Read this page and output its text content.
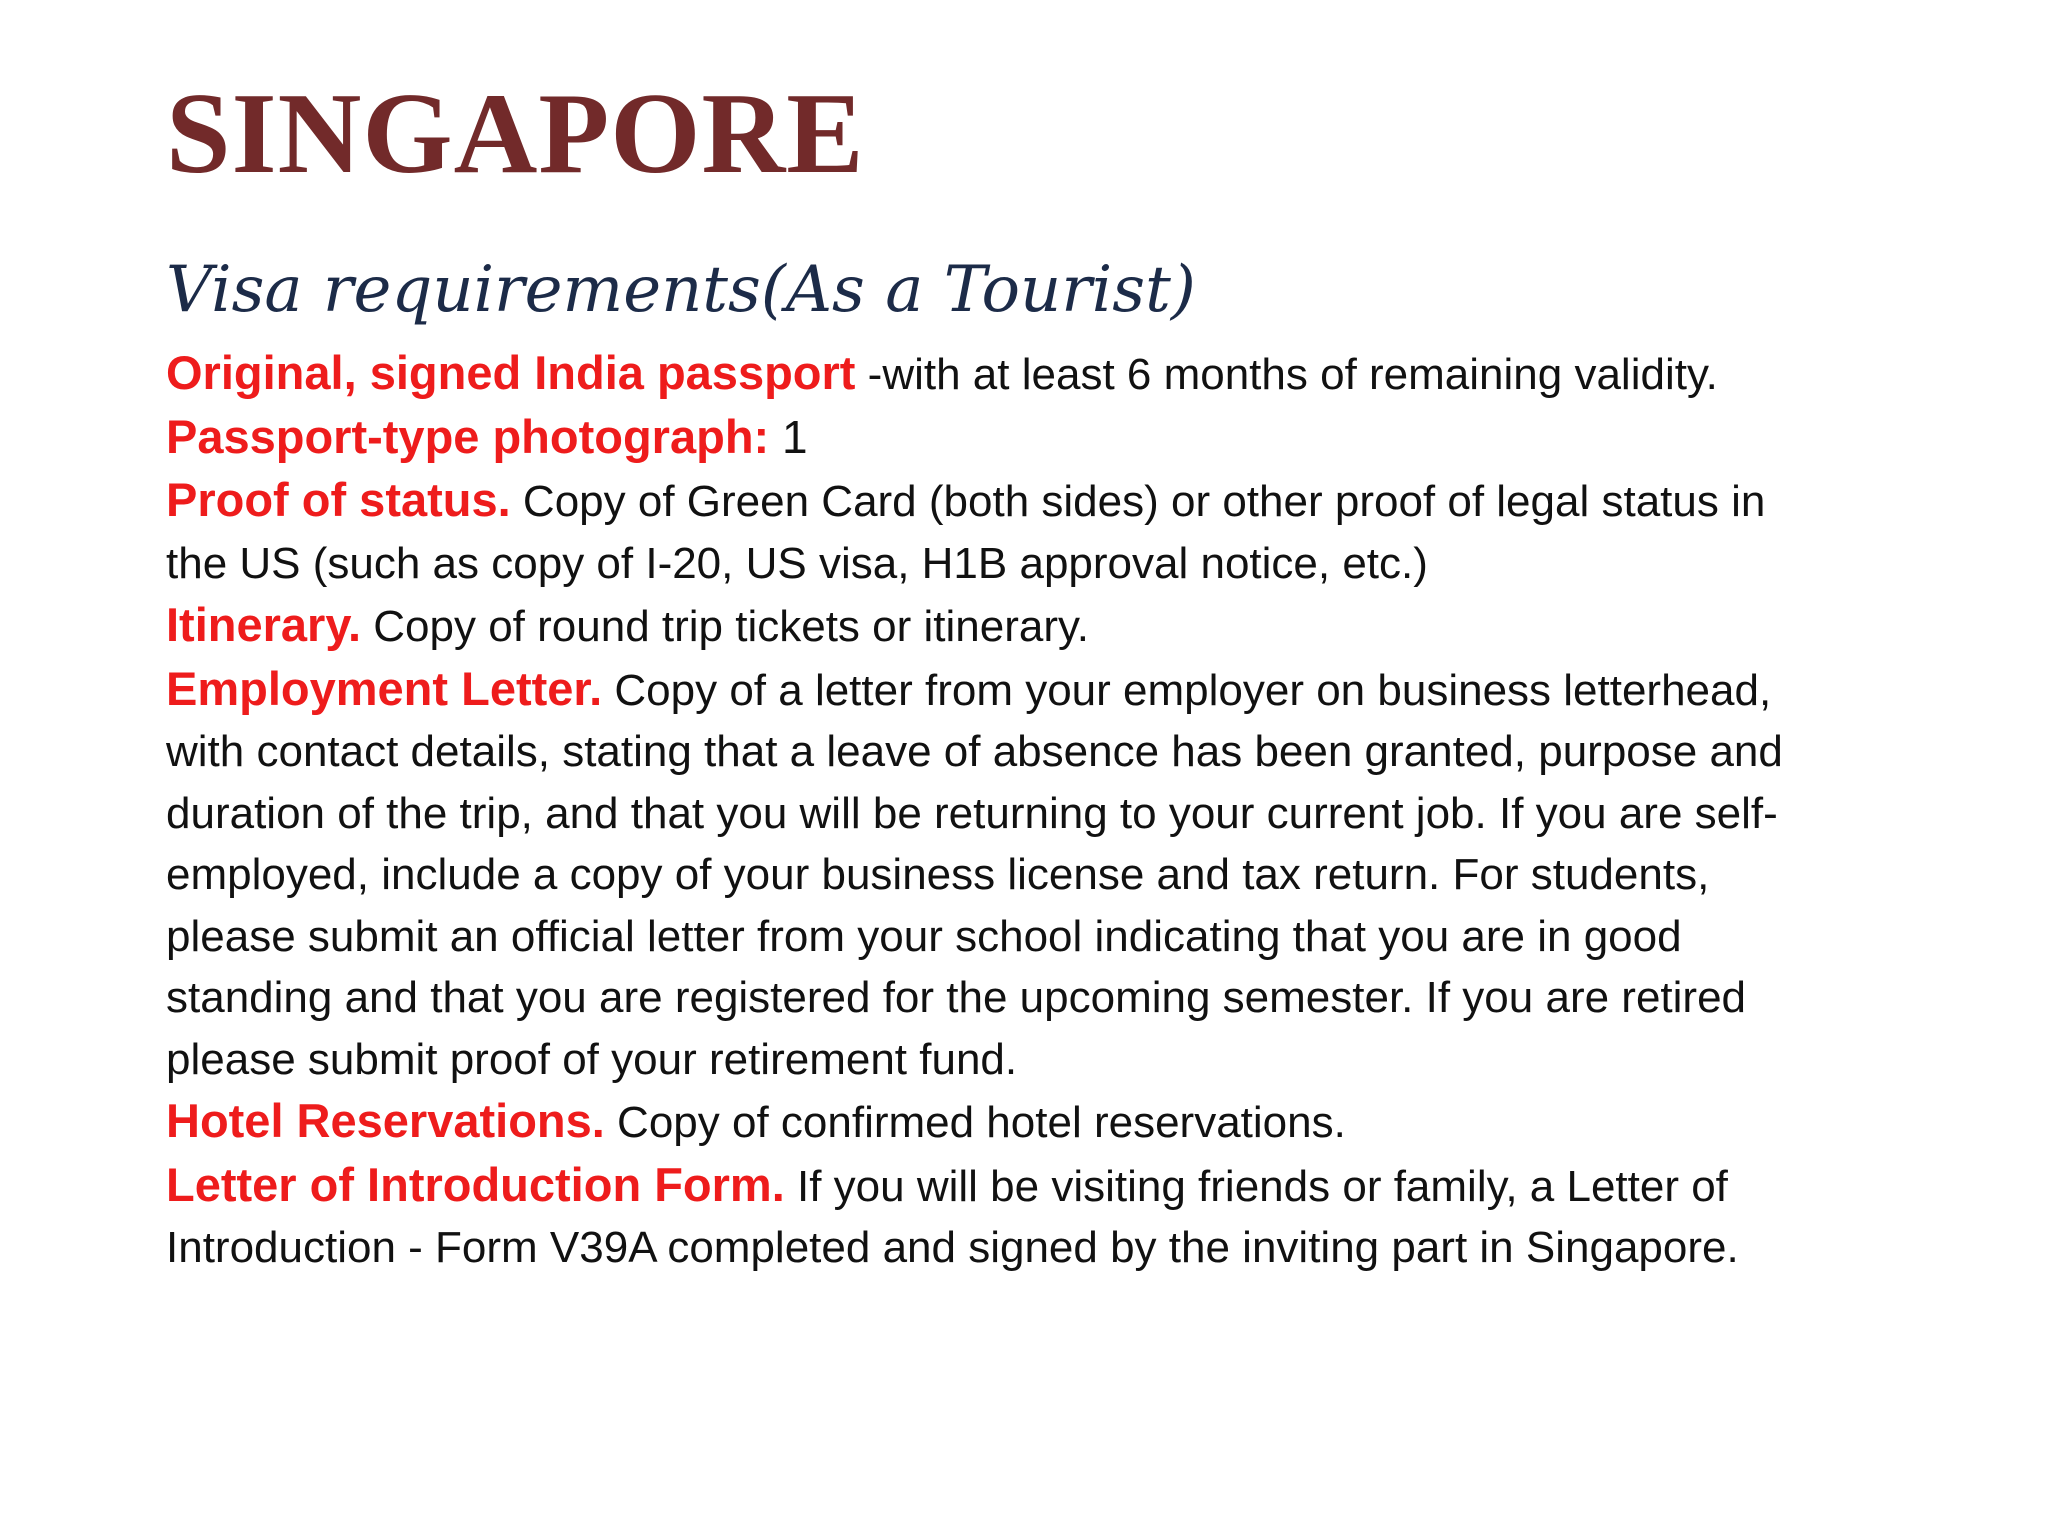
SINGAPORE
Visa requirements(As a Tourist)
Original, signed India passport -with at least 6 months of remaining validity.
Passport-type photograph: 1
Proof of status. Copy of Green Card (both sides) or other proof of legal status in the US (such as copy of I-20, US visa, H1B approval notice, etc.)
Itinerary. Copy of round trip tickets or itinerary.
Employment Letter. Copy of a letter from your employer on business letterhead, with contact details, stating that a leave of absence has been granted, purpose and duration of the trip, and that you will be returning to your current job. If you are self-employed, include a copy of your business license and tax return. For students, please submit an official letter from your school indicating that you are in good standing and that you are registered for the upcoming semester. If you are retired please submit proof of your retirement fund.
Hotel Reservations. Copy of confirmed hotel reservations.
Letter of Introduction Form. If you will be visiting friends or family, a Letter of Introduction - Form V39A completed and signed by the inviting part in Singapore.
